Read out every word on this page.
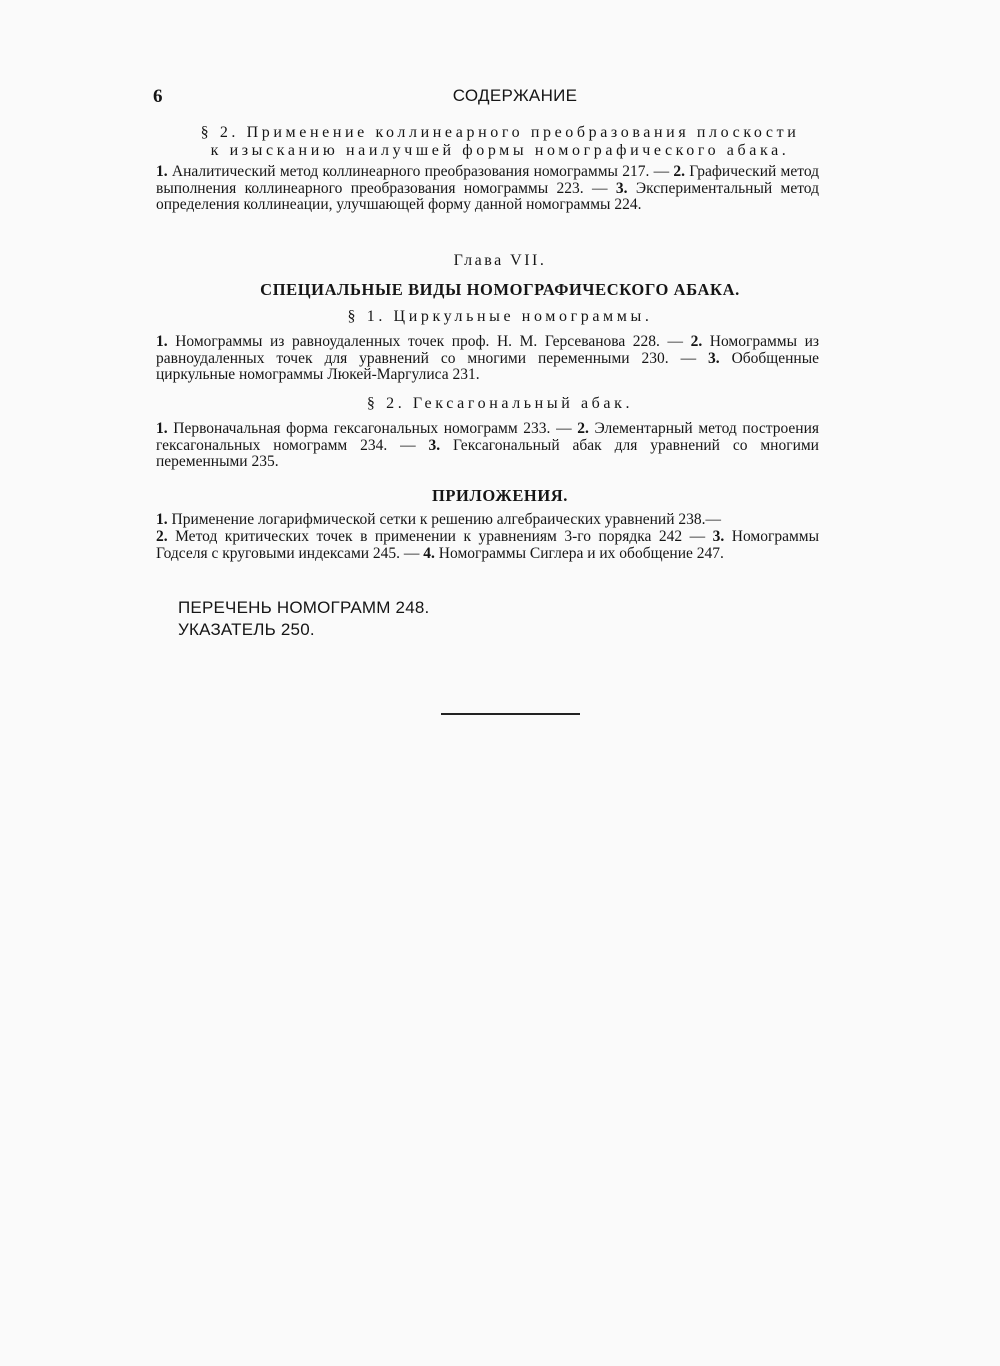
6	СОДЕРЖАНИЕ
§ 2. Применение коллинеарного преобразования плоскости
к изысканию наилучшей формы номографического абака.
1. Аналитический метод коллинеарного преобразования номограммы 217. — 2. Графический метод выполнения коллинеарного преобразования номограммы 223. — 3. Экспериментальный метод определения коллинеации, улучшающей форму данной номограммы 224.
Глава VII.
СПЕЦИАЛЬНЫЕ ВИДЫ НОМОГРАФИЧЕСКОГО АБАКА.
§ 1. Циркульные номограммы.
1. Номограммы из равноудаленных точек проф. Н. М. Герсеванова 228. — 2. Номограммы из равноудаленных точек для уравнений со многими переменными 230. — 3. Обобщенные циркульные номограммы Люкей-Маргулиса 231.
§ 2. Гексагональный абак.
1. Первоначальная форма гексагональных номограмм 233. — 2. Элементарный метод построения гексагональных номограмм 234. — 3. Гексагональный абак для уравнений со многими переменными 235.
ПРИЛОЖЕНИЯ.
1. Применение логарифмической сетки к решению алгебраических уравнений 238.—
2. Метод критических точек в применении к уравнениям 3-го порядка 242 — 3. Номограммы Годселя с круговыми индексами 245. — 4. Номограммы Сиглера и их обобщение 247.
ПЕРЕЧЕНЬ НОМОГРАММ 248.
УКАЗАТЕЛЬ 250.
